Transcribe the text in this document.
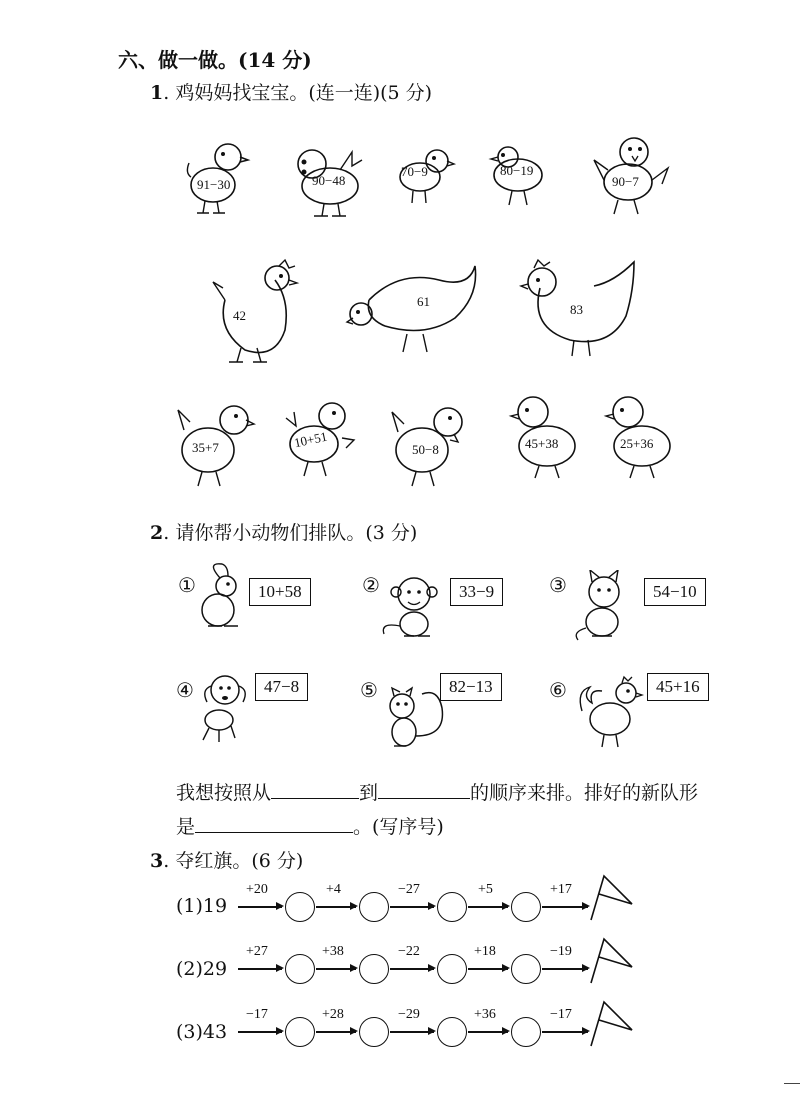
六、做一做。(14 分)
1. 鸡妈妈找宝宝。(连一连)(5 分)
91−30	90−48
70−9	80−19
90−7
42
61
83
35+7	10+51	50−8	45+38	25+36
2. 请你帮小动物们排队。(3 分)
①	10+58	②	33−9	③	54−10
④	47−8	⑤	82−13	⑥	45+16
我想按照从	到	的顺序来排。排好的新队形
是	。(写序号)
3. 夺红旗。(6 分)
(1)19
+20	+4	−27	+5	+17
(2)29
+27	+38	−22	+18	−19
(3)43
−17	+28	−29	+36	−17
